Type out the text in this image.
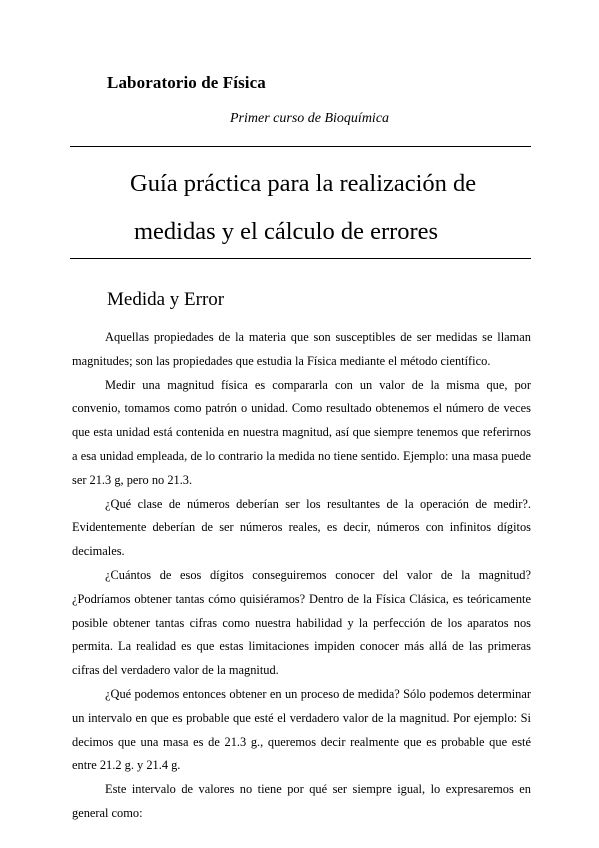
Laboratorio de Física
Primer curso de Bioquímica
Guía práctica para la realización de
medidas y el cálculo de errores
Medida y Error

Aquellas propiedades de la materia que son susceptibles de ser medidas se llaman magnitudes; son las propiedades que estudia la Física mediante el método científico.

Medir una magnitud física es compararla con un valor de la misma que, por convenio, tomamos como patrón o unidad. Como resultado obtenemos el número de veces que esta unidad está contenida en nuestra magnitud, así que siempre tenemos que referirnos a esa unidad empleada, de lo contrario la medida no tiene sentido. Ejemplo: una masa puede ser 21.3 g, pero no 21.3.

¿Qué clase de números deberían ser los resultantes de la operación de medir?. Evidentemente deberían de ser números reales, es decir, números con infinitos dígitos decimales.

¿Cuántos de esos dígitos conseguiremos conocer del valor de la magnitud? ¿Podríamos obtener tantas cómo quisiéramos? Dentro de la Física Clásica, es teóricamente posible obtener tantas cifras como nuestra habilidad y la perfección de los aparatos nos permita. La realidad es que estas limitaciones impiden conocer más allá de las primeras cifras del verdadero valor de la magnitud.

¿Qué podemos entonces obtener en un proceso de medida? Sólo podemos determinar un intervalo en que es probable que esté el verdadero valor de la magnitud. Por ejemplo: Si decimos que una masa es de 21.3 g., queremos decir realmente que es probable que esté entre 21.2 g. y 21.4 g.

Este intervalo de valores no tiene por qué ser siempre igual, lo expresaremos en general como:
